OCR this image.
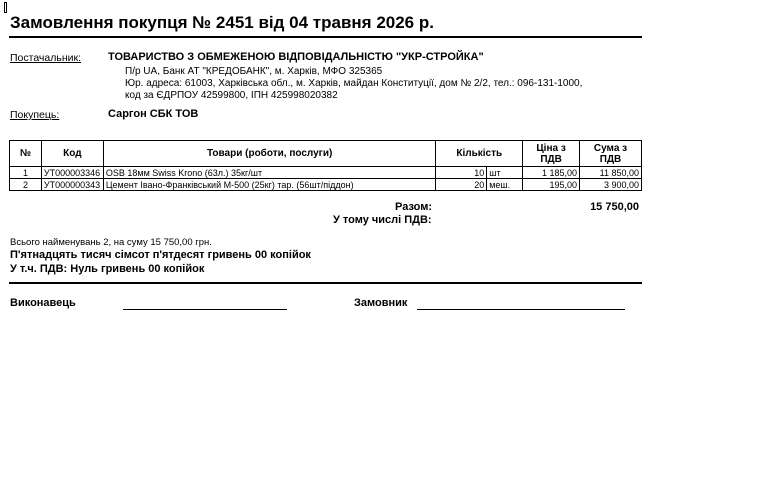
Замовлення покупця № 2451 від 04 травня 2026 р.
Постачальник: ТОВАРИСТВО З ОБМЕЖЕНОЮ ВІДПОВІДАЛЬНІСТЮ "УКР-СТРОЙКА"
П/р UA, Банк АТ "КРЕДОБАНК", м. Харків, МФО 325365
Юр. адреса: 61003, Харківська обл., м. Харків, майдан Конституції, дом № 2/2, тел.: 096-131-1000,
код за ЄДРПОУ 42599800, ІПН 425998020382
Покупець:	Саргон СБК ТОВ
№	Код	Товари (роботи, послуги)	Кількість		Ціна з ПДВ	Сума з ПДВ
1	УТ000003346	OSB 18мм Swiss Krono (63л.) 35кг/шт	10	шт	1 185,00	11 850,00
2	УТ000000343	Цемент Івано-Франківський М-500 (25кг) тар. (56шт/піддон)	20	меш.	195,00	3 900,00
Разом:	15 750,00
У тому числі ПДВ:
Всього найменувань 2, на суму 15 750,00 грн.
П'ятнадцять тисяч сімсот п'ятдесят гривень 00 копійок
У т.ч. ПДВ: Нуль гривень 00 копійок
Виконавець	Замовник
